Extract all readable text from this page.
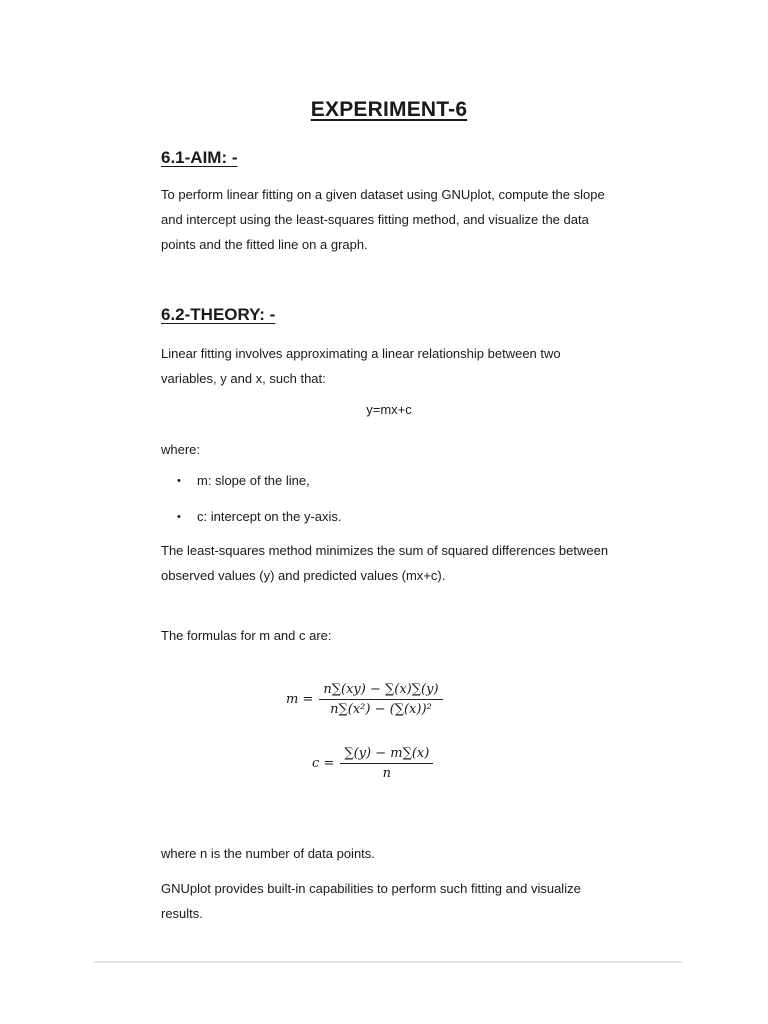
EXPERIMENT-6
6.1-AIM: -

To perform linear fitting on a given dataset using GNUplot, compute the slope
and intercept using the least-squares fitting method, and visualize the data
points and the fitted line on a graph.

6.2-THEORY: -

Linear fitting involves approximating a linear relationship between two
variables, y and x, such that:

y=mx+c

where:

• m: slope of the line,
• c: intercept on the y-axis.

The least-squares method minimizes the sum of squared differences between
observed values (y) and predicted values (mx+c).

The formulas for m and c are:

$m = \frac{n\sum(xy) - \sum(x)\sum(y)}{\text{n∑(x²) − (∑(x))²}}$
$c = \frac{\sum(y) - m\sum(x)}{n}$

where n is the number of data points.

GNUplot provides built-in capabilities to perform such fitting and visualize
results.
